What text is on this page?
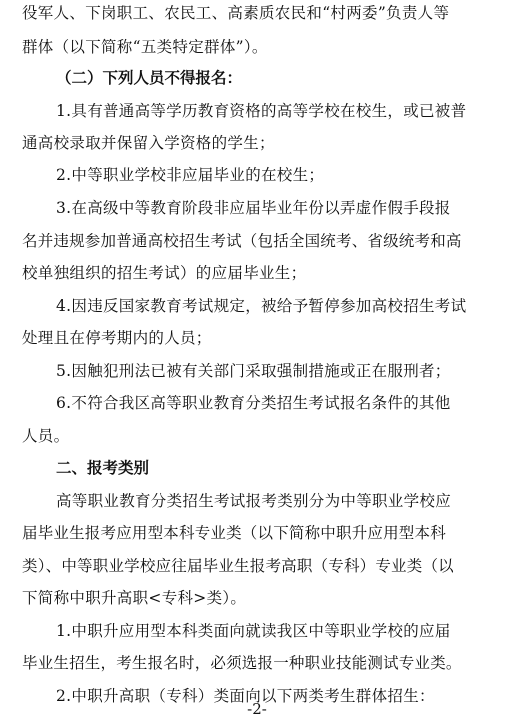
役军人、下岗职工、农民工、高素质农民和“村两委”负责人等
群体（以下简称“五类特定群体”）。
（二）下列人员不得报名：
1.具有普通高等学历教育资格的高等学校在校生，或已被普
通高校录取并保留入学资格的学生；
2.中等职业学校非应届毕业的在校生；
3.在高级中等教育阶段非应届毕业年份以弄虚作假手段报
名并违规参加普通高校招生考试（包括全国统考、省级统考和高
校单独组织的招生考试）的应届毕业生；
4.因违反国家教育考试规定，被给予暂停参加高校招生考试
处理且在停考期内的人员；
5.因触犯刑法已被有关部门采取强制措施或正在服刑者；
6.不符合我区高等职业教育分类招生考试报名条件的其他
人员。
二、报考类别
高等职业教育分类招生考试报考类别分为中等职业学校应
届毕业生报考应用型本科专业类（以下简称中职升应用型本科
类）、中等职业学校应往届毕业生报考高职（专科）专业类（以
下简称中职升高职<专科>类）。
1.中职升应用型本科类面向就读我区中等职业学校的应届
毕业生招生，考生报名时，必须选报一种职业技能测试专业类。
2.中职升高职（专科）类面向以下两类考生群体招生：
-2-
